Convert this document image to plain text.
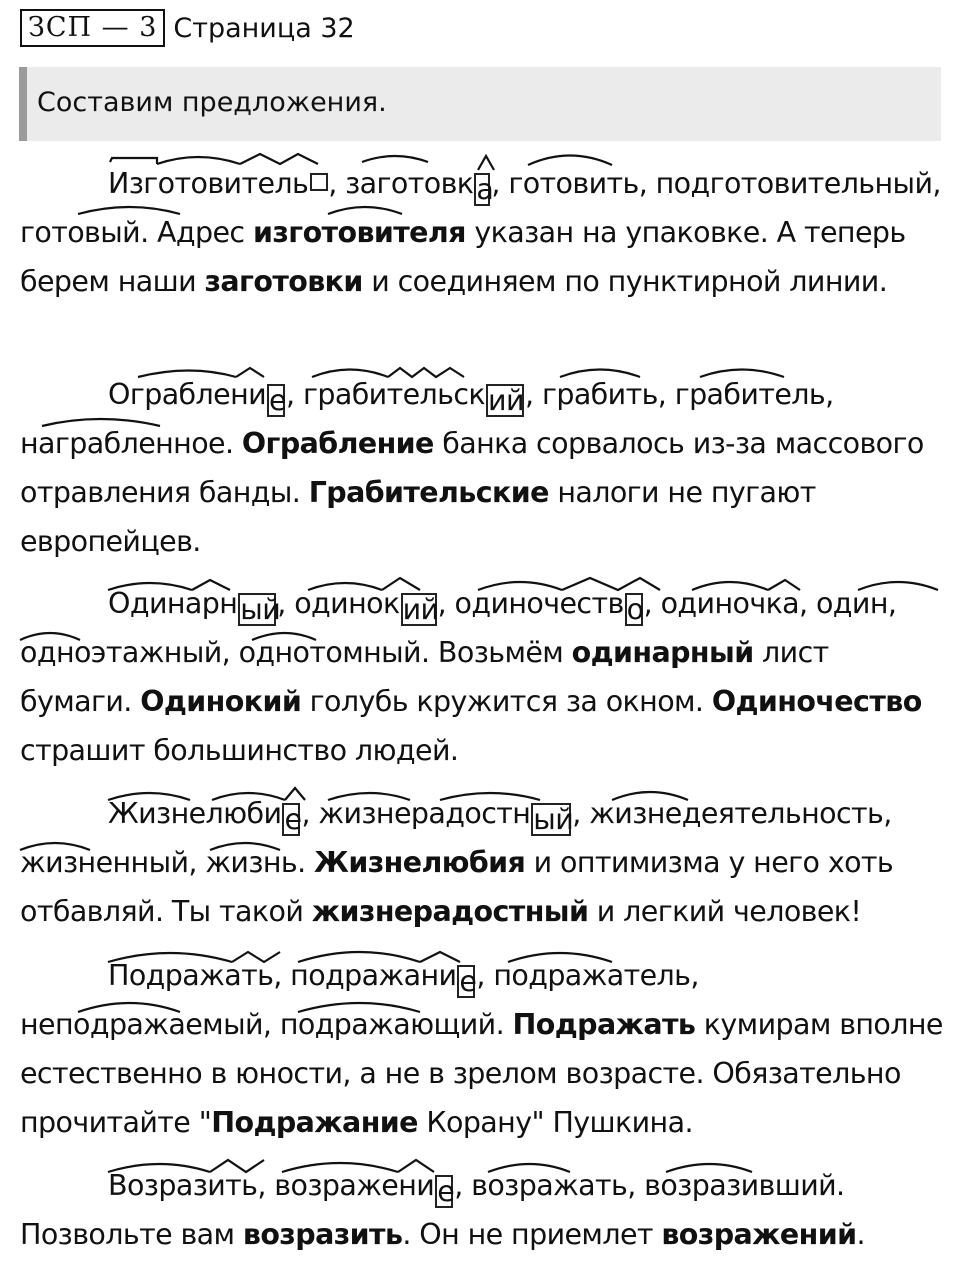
ЗСП — 3 Страница 32
Составим предложения.

Изготовитель , заготовк а, готовить, подготовительный, готовый. Адрес изготовителя указан на упаковке. А теперь берем наши заготовки и соединяем по пунктирной линии.

Ограблени е, грабительск ий, грабить, грабитель, награбленное. Ограбление банка сорвалось из-за массового отравления банды. Грабительские налоги не пугают европейцев.

Одинарн ый, одинок ий, одиночеств о, одиночка, один, одноэтажный, однотомный. Возьмём одинарный лист бумаги. Одинокий голубь кружится за окном. Одиночество страшит большинство людей.

Жизнелюби е, жизнерадостн ый, жизнедеятельность, жизненный, жизнь. Жизнелюбия и оптимизма у него хоть отбавляй. Ты такой жизнерадостный и легкий человек!

Подражать, подражани е, подражатель, неподражаемый, подражающий. Подражать кумирам вполне естественно в юности, а не в зрелом возрасте. Обязательно прочитайте "Подражание Корану" Пушкина.

Возразить, возражени е, возражать, возразивший. Позвольте вам возразить. Он не приемлет возражений.
